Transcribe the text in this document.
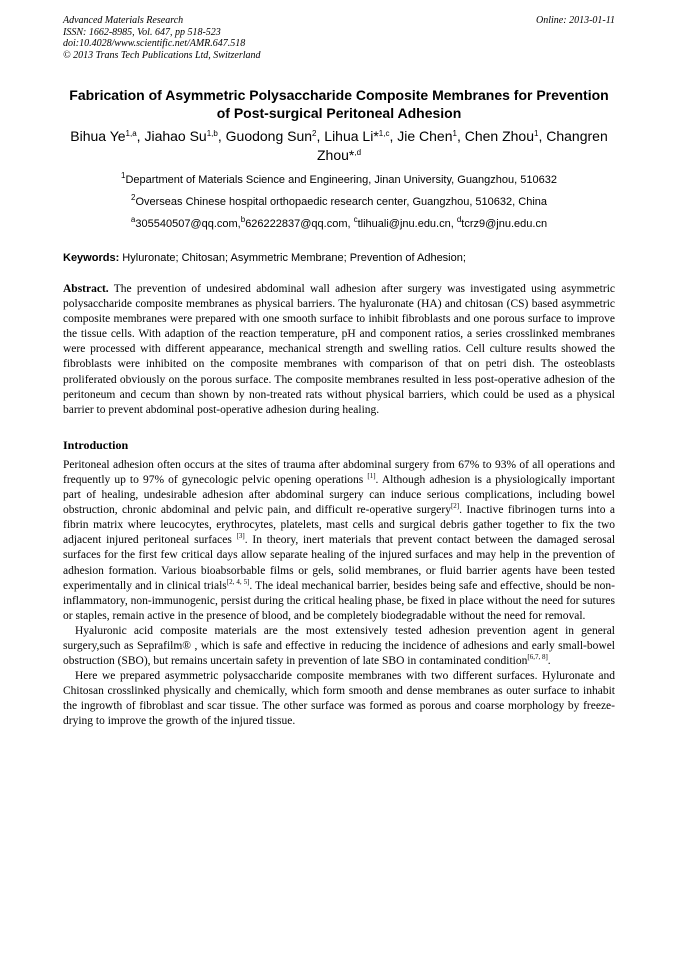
Advanced Materials Research
ISSN: 1662-8985, Vol. 647, pp 518-523
doi:10.4028/www.scientific.net/AMR.647.518
© 2013 Trans Tech Publications Ltd, Switzerland
Online: 2013-01-11
Fabrication of Asymmetric Polysaccharide Composite Membranes for Prevention of Post-surgical Peritoneal Adhesion
Bihua Ye$^{1,a}$, Jiahao Su$^{1,b}$, Guodong Sun$^2$, Lihua Li*$^{1,c}$, Jie Chen$^1$, Chen Zhou$^1$, Changren Zhou*$^{,d}$
$^1$Department of Materials Science and Engineering, Jinan University, Guangzhou, 510632
$^2$Overseas Chinese hospital orthopaedic research center, Guangzhou, 510632, China
$^a$305540507@qq.com,$^b$626222837@qq.com, $^c$tlihuali@jnu.edu.cn, $^d$tcrz9@jnu.edu.cn
Keywords: Hyluronate; Chitosan; Asymmetric Membrane; Prevention of Adhesion;
Abstract. The prevention of undesired abdominal wall adhesion after surgery was investigated using asymmetric polysaccharide composite membranes as physical barriers. The hyaluronate (HA) and chitosan (CS) based asymmetric composite membranes were prepared with one smooth surface to inhibit fibroblasts and one porous surface to improve the tissue cells. With adaption of the reaction temperature, pH and component ratios, a series crosslinked membranes were processed with different appearance, mechanical strength and swelling ratios. Cell culture results showed the fibroblasts were inhibited on the composite membranes with comparison of that on petri dish. The osteoblasts proliferated obviously on the porous surface. The composite membranes resulted in less post-operative adhesion of the peritoneum and cecum than shown by non-treated rats without physical barriers, which could be used as a physical barrier to prevent abdominal post-operative adhesion during healing.
Introduction
Peritoneal adhesion often occurs at the sites of trauma after abdominal surgery from 67% to 93% of all operations and frequently up to 97% of gynecologic pelvic opening operations [1]. Although adhesion is a physiologically important part of healing, undesirable adhesion after abdominal surgery can induce serious complications, including bowel obstruction, chronic abdominal and pelvic pain, and difficult re-operative surgery[2]. Inactive fibrinogen turns into a fibrin matrix where leucocytes, erythrocytes, platelets, mast cells and surgical debris gather together to fix the two adjacent injured peritoneal surfaces [3]. In theory, inert materials that prevent contact between the damaged serosal surfaces for the first few critical days allow separate healing of the injured surfaces and may help in the prevention of adhesion formation. Various bioabsorbable films or gels, solid membranes, or fluid barrier agents have been tested experimentally and in clinical trials[2, 4, 5]. The ideal mechanical barrier, besides being safe and effective, should be non-inflammatory, non-immunogenic, persist during the critical healing phase, be fixed in place without the need for sutures or staples, remain active in the presence of blood, and be completely biodegradable without the need for removal.
Hyaluronic acid composite materials are the most extensively tested adhesion prevention agent in general surgery,such as Seprafilm® , which is safe and effective in reducing the incidence of adhesions and early small-bowel obstruction (SBO), but remains uncertain safety in prevention of late SBO in contaminated condition[6,7, 8].
Here we prepared asymmetric polysaccharide composite membranes with two different surfaces. Hyluronate and Chitosan crosslinked physically and chemically, which form smooth and dense membranes as outer surface to inhabit the ingrowth of fibroblast and scar tissue. The other surface was formed as porous and coarse morphology by freeze-drying to improve the growth of the injured tissue.
